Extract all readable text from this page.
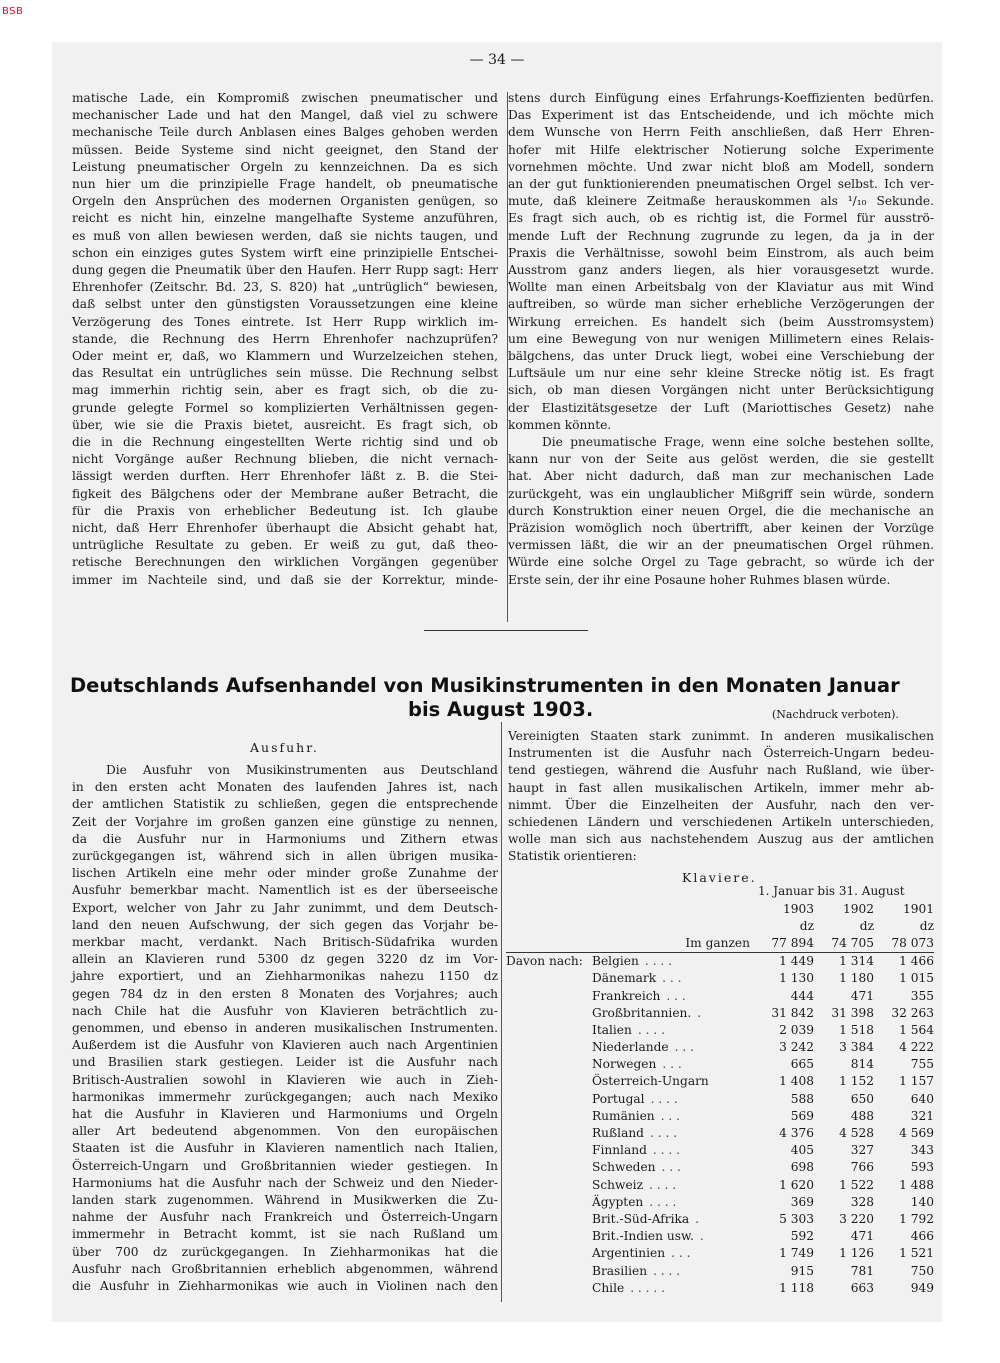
BSB
— 34 —
matische Lade, ein Kompromiß zwischen pneumatischer und
mechanischer Lade und hat den Mangel, daß viel zu schwere
mechanische Teile durch Anblasen eines Balges gehoben werden
müssen. Beide Systeme sind nicht geeignet, den Stand der
Leistung pneumatischer Orgeln zu kennzeichnen. Da es sich
nun hier um die prinzipielle Frage handelt, ob pneumatische
Orgeln den Ansprüchen des modernen Organisten genügen, so
reicht es nicht hin, einzelne mangelhafte Systeme anzuführen,
es muß von allen bewiesen werden, daß sie nichts taugen, und
schon ein einziges gutes System wirft eine prinzipielle Entschei-
dung gegen die Pneumatik über den Haufen. Herr Rupp sagt: Herr
Ehrenhofer (Zeitschr. Bd. 23, S. 820) hat „untrüglich“ bewiesen,
daß selbst unter den günstigsten Voraussetzungen eine kleine
Verzögerung des Tones eintrete. Ist Herr Rupp wirklich im-
stande, die Rechnung des Herrn Ehrenhofer nachzuprüfen?
Oder meint er, daß, wo Klammern und Wurzelzeichen stehen,
das Resultat ein untrügliches sein müsse. Die Rechnung selbst
mag immerhin richtig sein, aber es fragt sich, ob die zu-
grunde gelegte Formel so komplizierten Verhältnissen gegen-
über, wie sie die Praxis bietet, ausreicht. Es fragt sich, ob
die in die Rechnung eingestellten Werte richtig sind und ob
nicht Vorgänge außer Rechnung blieben, die nicht vernach-
lässigt werden durften. Herr Ehrenhofer läßt z. B. die Stei-
figkeit des Bälgchens oder der Membrane außer Betracht, die
für die Praxis von erheblicher Bedeutung ist. Ich glaube
nicht, daß Herr Ehrenhofer überhaupt die Absicht gehabt hat,
untrügliche Resultate zu geben. Er weiß zu gut, daß theo-
retische Berechnungen den wirklichen Vorgängen gegenüber
immer im Nachteile sind, und daß sie der Korrektur, minde-
stens durch Einfügung eines Erfahrungs-Koeffizienten bedürfen.
Das Experiment ist das Entscheidende, und ich möchte mich
dem Wunsche von Herrn Feith anschließen, daß Herr Ehren-
hofer mit Hilfe elektrischer Notierung solche Experimente
vornehmen möchte. Und zwar nicht bloß am Modell, sondern
an der gut funktionierenden pneumatischen Orgel selbst. Ich ver-
mute, daß kleinere Zeitmaße herauskommen als ¹/₁₀ Sekunde.
Es fragt sich auch, ob es richtig ist, die Formel für ausströ-
mende Luft der Rechnung zugrunde zu legen, da ja in der
Praxis die Verhältnisse, sowohl beim Einstrom, als auch beim
Ausstrom ganz anders liegen, als hier vorausgesetzt wurde.
Wollte man einen Arbeitsbalg von der Klaviatur aus mit Wind
auftreiben, so würde man sicher erhebliche Verzögerungen der
Wirkung erreichen. Es handelt sich (beim Ausstromsystem)
um eine Bewegung von nur wenigen Millimetern eines Relais-
bälgchens, das unter Druck liegt, wobei eine Verschiebung der
Luftsäule um nur eine sehr kleine Strecke nötig ist. Es fragt
sich, ob man diesen Vorgängen nicht unter Berücksichtigung
der Elastizitätsgesetze der Luft (Mariottisches Gesetz) nahe
kommen könnte.
Die pneumatische Frage, wenn eine solche bestehen sollte,
kann nur von der Seite aus gelöst werden, die sie gestellt
hat. Aber nicht dadurch, daß man zur mechanischen Lade
zurückgeht, was ein unglaublicher Mißgriff sein würde, sondern
durch Konstruktion einer neuen Orgel, die die mechanische an
Präzision womöglich noch übertrifft, aber keinen der Vorzüge
vermissen läßt, die wir an der pneumatischen Orgel rühmen.
Würde eine solche Orgel zu Tage gebracht, so würde ich der
Erste sein, der ihr eine Posaune hoher Ruhmes blasen würde.
Deutschlands Aufsenhandel von Musikinstrumenten in den Monaten Januar
bis August 1903.	(Nachdruck verboten).
Ausfuhr.
Die Ausfuhr von Musikinstrumenten aus Deutschland
in den ersten acht Monaten des laufenden Jahres ist, nach
der amtlichen Statistik zu schließen, gegen die entsprechende
Zeit der Vorjahre im großen ganzen eine günstige zu nennen,
da die Ausfuhr nur in Harmoniums und Zithern etwas
zurückgegangen ist, während sich in allen übrigen musika-
lischen Artikeln eine mehr oder minder große Zunahme der
Ausfuhr bemerkbar macht. Namentlich ist es der überseeische
Export, welcher von Jahr zu Jahr zunimmt, und dem Deutsch-
land den neuen Aufschwung, der sich gegen das Vorjahr be-
merkbar macht, verdankt. Nach Britisch-Südafrika wurden
allein an Klavieren rund 5300 dz gegen 3220 dz im Vor-
jahre exportiert, und an Ziehharmonikas nahezu 1150 dz
gegen 784 dz in den ersten 8 Monaten des Vorjahres; auch
nach Chile hat die Ausfuhr von Klavieren beträchtlich zu-
genommen, und ebenso in anderen musikalischen Instrumenten.
Außerdem ist die Ausfuhr von Klavieren auch nach Argentinien
und Brasilien stark gestiegen. Leider ist die Ausfuhr nach
Britisch-Australien sowohl in Klavieren wie auch in Zieh-
harmonikas immermehr zurückgegangen; auch nach Mexiko
hat die Ausfuhr in Klavieren und Harmoniums und Orgeln
aller Art bedeutend abgenommen. Von den europäischen
Staaten ist die Ausfuhr in Klavieren namentlich nach Italien,
Österreich-Ungarn und Großbritannien wieder gestiegen. In
Harmoniums hat die Ausfuhr nach der Schweiz und den Nieder-
landen stark zugenommen. Während in Musikwerken die Zu-
nahme der Ausfuhr nach Frankreich und Österreich-Ungarn
immermehr in Betracht kommt, ist sie nach Rußland um
über 700 dz zurückgegangen. In Ziehharmonikas hat die
Ausfuhr nach Großbritannien erheblich abgenommen, während
die Ausfuhr in Ziehharmonikas wie auch in Violinen nach den
Vereinigten Staaten stark zunimmt. In anderen musikalischen
Instrumenten ist die Ausfuhr nach Österreich-Ungarn bedeu-
tend gestiegen, während die Ausfuhr nach Rußland, wie über-
haupt in fast allen musikalischen Artikeln, immer mehr ab-
nimmt. Über die Einzelheiten der Ausfuhr, nach den ver-
schiedenen Ländern und verschiedenen Artikeln unterschieden,
wolle man sich aus nachstehendem Auszug aus der amtlichen
Statistik orientieren:
Klaviere.
1. Januar bis 31. August
		1903	1902	1901
		dz	dz	dz
	Im ganzen	77 894	74 705	78 073
Davon nach:	Belgien . . . .	1 449	1 314	1 466
	Dänemark . . .	1 130	1 180	1 015
	Frankreich . . .	444	471	355
	Großbritannien. .	31 842	31 398	32 263
	Italien . . . .	2 039	1 518	1 564
	Niederlande . . .	3 242	3 384	4 222
	Norwegen . . .	665	814	755
	Österreich-Ungarn	1 408	1 152	1 157
	Portugal . . . .	588	650	640
	Rumänien . . .	569	488	321
	Rußland . . . .	4 376	4 528	4 569
	Finnland . . . .	405	327	343
	Schweden . . .	698	766	593
	Schweiz . . . .	1 620	1 522	1 488
	Ägypten . . . .	369	328	140
	Brit.-Süd-Afrika .	5 303	3 220	1 792
	Brit.-Indien usw. .	592	471	466
	Argentinien . . .	1 749	1 126	1 521
	Brasilien . . . .	915	781	750
	Chile . . . . .	1 118	663	949
